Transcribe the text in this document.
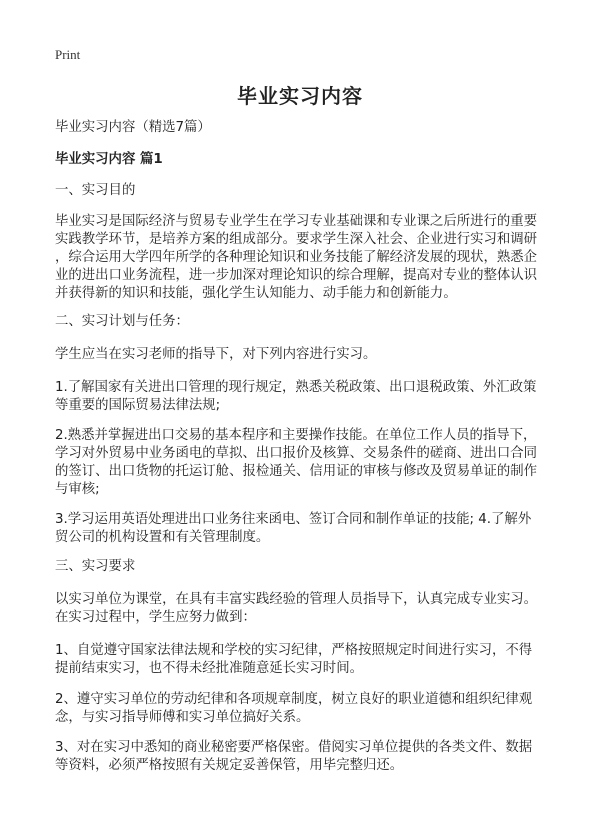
Print
毕业实习内容
毕业实习内容（精选7篇）
毕业实习内容 篇1
一、实习目的
毕业实习是国际经济与贸易专业学生在学习专业基础课和专业课之后所进行的重要
实践教学环节，是培养方案的组成部分。要求学生深入社会、企业进行实习和调研
，综合运用大学四年所学的各种理论知识和业务技能了解经济发展的现状，熟悉企
业的进出口业务流程，进一步加深对理论知识的综合理解，提高对专业的整体认识
并获得新的知识和技能，强化学生认知能力、动手能力和创新能力。
二、实习计划与任务：
学生应当在实习老师的指导下，对下列内容进行实习。
1.了解国家有关进出口管理的现行规定，熟悉关税政策、出口退税政策、外汇政策
等重要的国际贸易法律法规;
2.熟悉并掌握进出口交易的基本程序和主要操作技能。在单位工作人员的指导下，
学习对外贸易中业务函电的草拟、出口报价及核算、交易条件的磋商、进出口合同
的签订、出口货物的托运订舱、报检通关、信用证的审核与修改及贸易单证的制作
与审核;
3.学习运用英语处理进出口业务往来函电、签订合同和制作单证的技能; 4.了解外
贸公司的机构设置和有关管理制度。
三、实习要求
以实习单位为课堂，在具有丰富实践经验的管理人员指导下，认真完成专业实习。
在实习过程中，学生应努力做到：
1、自觉遵守国家法律法规和学校的实习纪律，严格按照规定时间进行实习，不得
提前结束实习，也不得未经批准随意延长实习时间。
2、遵守实习单位的劳动纪律和各项规章制度，树立良好的职业道德和组织纪律观
念，与实习指导师傅和实习单位搞好关系。
3、对在实习中悉知的商业秘密要严格保密。借阅实习单位提供的各类文件、数据
等资料，必须严格按照有关规定妥善保管，用毕完整归还。
